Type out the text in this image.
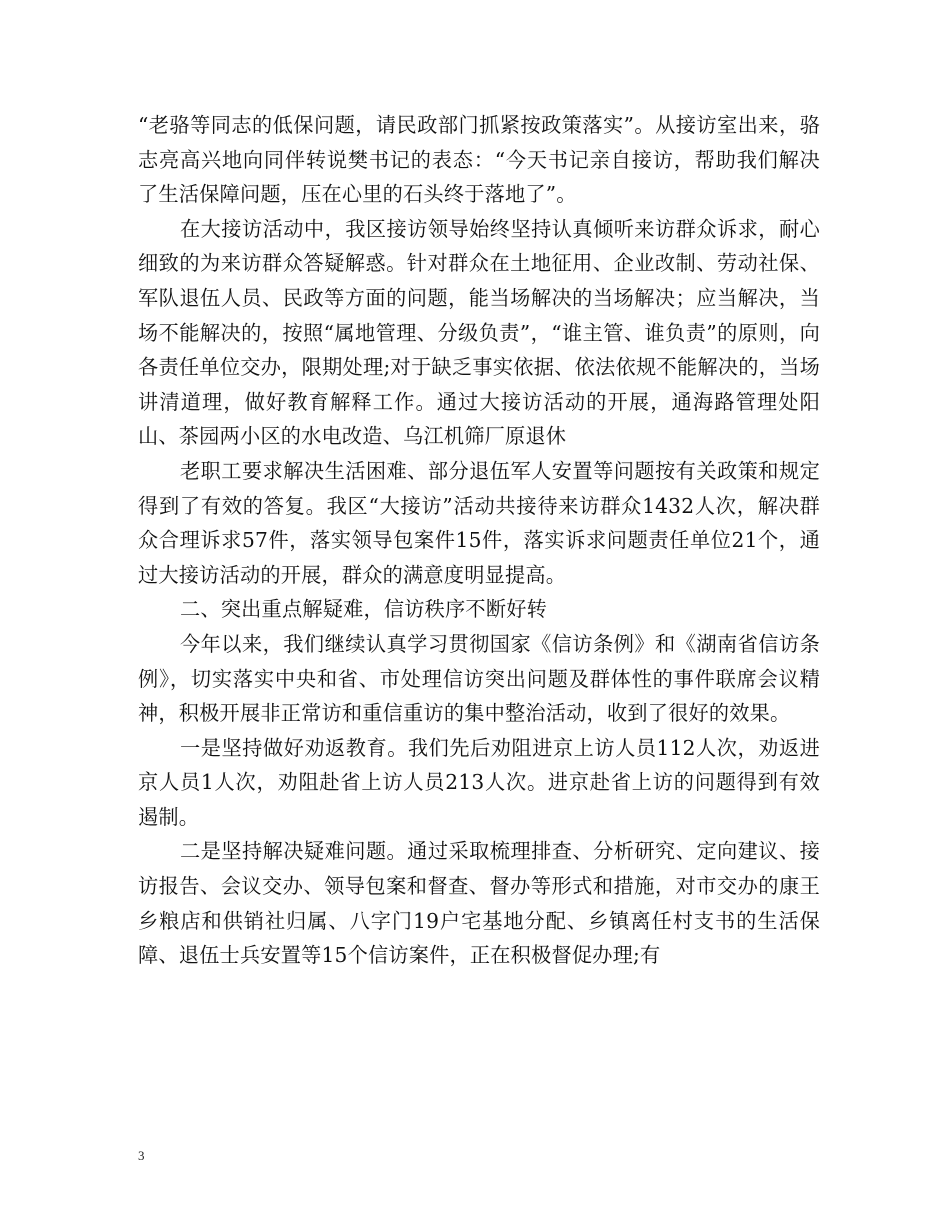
“老骆等同志的低保问题，请民政部门抓紧按政策落实”。从接访室出来，骆志亮高兴地向同伴转说樊书记的表态：“今天书记亲自接访，帮助我们解决了生活保障问题，压在心里的石头终于落地了”。

在大接访活动中，我区接访领导始终坚持认真倾听来访群众诉求，耐心细致的为来访群众答疑解惑。针对群众在土地征用、企业改制、劳动社保、军队退伍人员、民政等方面的问题，能当场解决的当场解决；应当解决，当场不能解决的，按照“属地管理、分级负责”，“谁主管、谁负责”的原则，向各责任单位交办，限期处理;对于缺乏事实依据、依法依规不能解决的，当场讲清道理，做好教育解释工作。通过大接访活动的开展，通海路管理处阳山、茶园两小区的水电改造、乌江机筛厂原退休

老职工要求解决生活困难、部分退伍军人安置等问题按有关政策和规定得到了有效的答复。我区“大接访”活动共接待来访群众1432人次，解决群众合理诉求57件，落实领导包案件15件，落实诉求问题责任单位21个，通过大接访活动的开展，群众的满意度明显提高。

二、突出重点解疑难，信访秩序不断好转

今年以来，我们继续认真学习贯彻国家《信访条例》和《湖南省信访条例》，切实落实中央和省、市处理信访突出问题及群体性的事件联席会议精神，积极开展非正常访和重信重访的集中整治活动，收到了很好的效果。

一是坚持做好劝返教育。我们先后劝阻进京上访人员112人次，劝返进京人员1人次，劝阻赴省上访人员213人次。进京赴省上访的问题得到有效遏制。

二是坚持解决疑难问题。通过采取梳理排查、分析研究、定向建议、接访报告、会议交办、领导包案和督查、督办等形式和措施，对市交办的康王乡粮店和供销社归属、八字门19户宅基地分配、乡镇离任村支书的生活保障、退伍士兵安置等15个信访案件，正在积极督促办理;有

3
